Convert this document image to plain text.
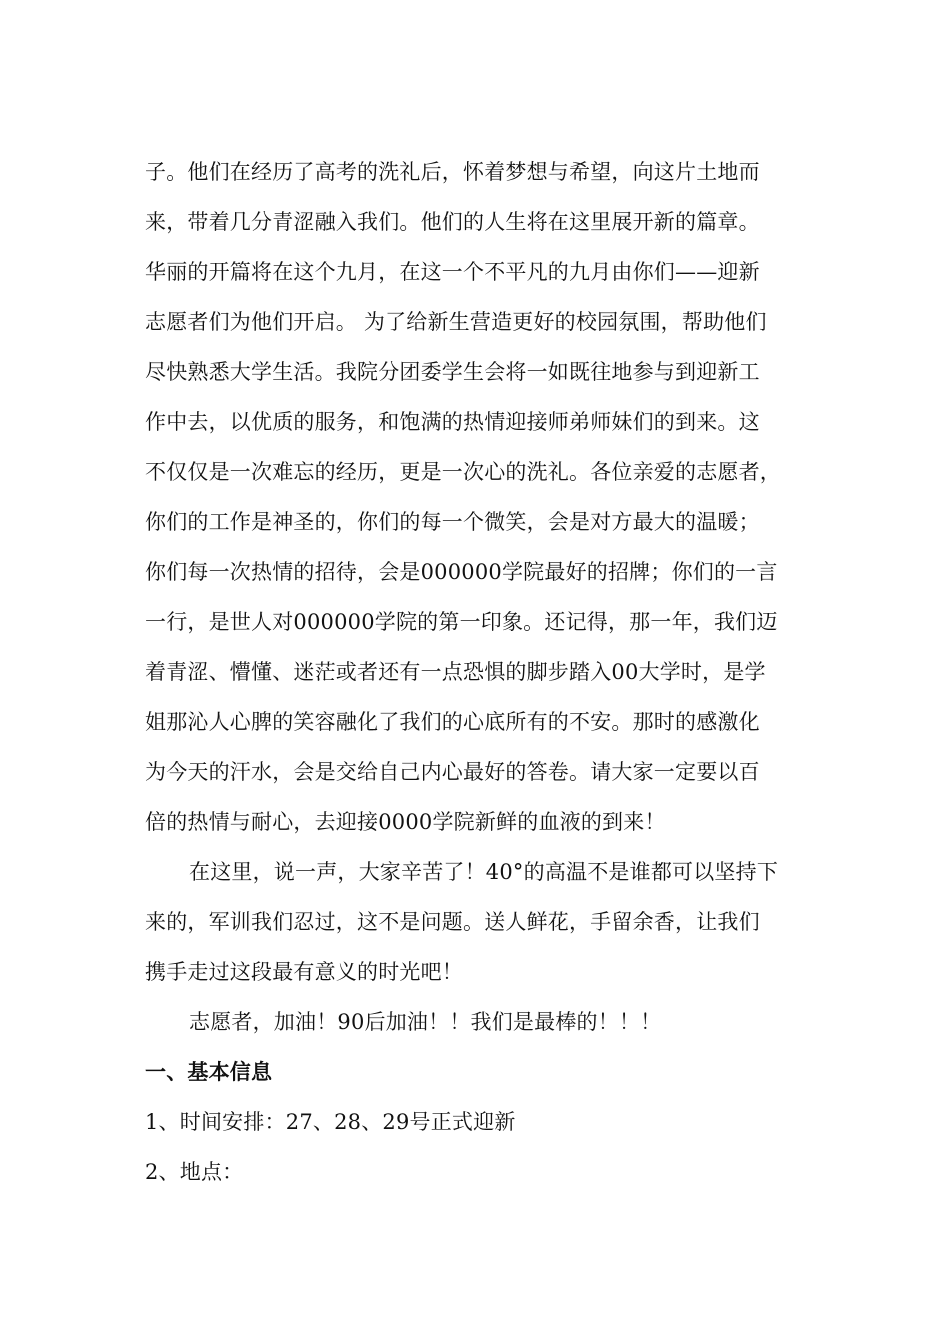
子。他们在经历了高考的洗礼后，怀着梦想与希望，向这片土地而
来，带着几分青涩融入我们。他们的人生将在这里展开新的篇章。
华丽的开篇将在这个九月，在这一个不平凡的九月由你们——迎新
志愿者们为他们开启。 为了给新生营造更好的校园氛围，帮助他们
尽快熟悉大学生活。我院分团委学生会将一如既往地参与到迎新工
作中去，以优质的服务，和饱满的热情迎接师弟师妹们的到来。这
不仅仅是一次难忘的经历，更是一次心的洗礼。各位亲爱的志愿者，
你们的工作是神圣的，你们的每一个微笑，会是对方最大的温暖；
你们每一次热情的招待，会是000000学院最好的招牌；你们的一言
一行，是世人对000000学院的第一印象。还记得，那一年，我们迈
着青涩、懵懂、迷茫或者还有一点恐惧的脚步踏入00大学时，是学
姐那沁人心脾的笑容融化了我们的心底所有的不安。那时的感激化
为今天的汗水，会是交给自己内心最好的答卷。请大家一定要以百
倍的热情与耐心，去迎接0000学院新鲜的血液的到来！
在这里，说一声，大家辛苦了！40°的高温不是谁都可以坚持下
来的，军训我们忍过，这不是问题。送人鲜花，手留余香，让我们
携手走过这段最有意义的时光吧！
志愿者，加油！90后加油！！我们是最棒的！！！
一、基本信息
1、时间安排：27、28、29号正式迎新
2、地点：
